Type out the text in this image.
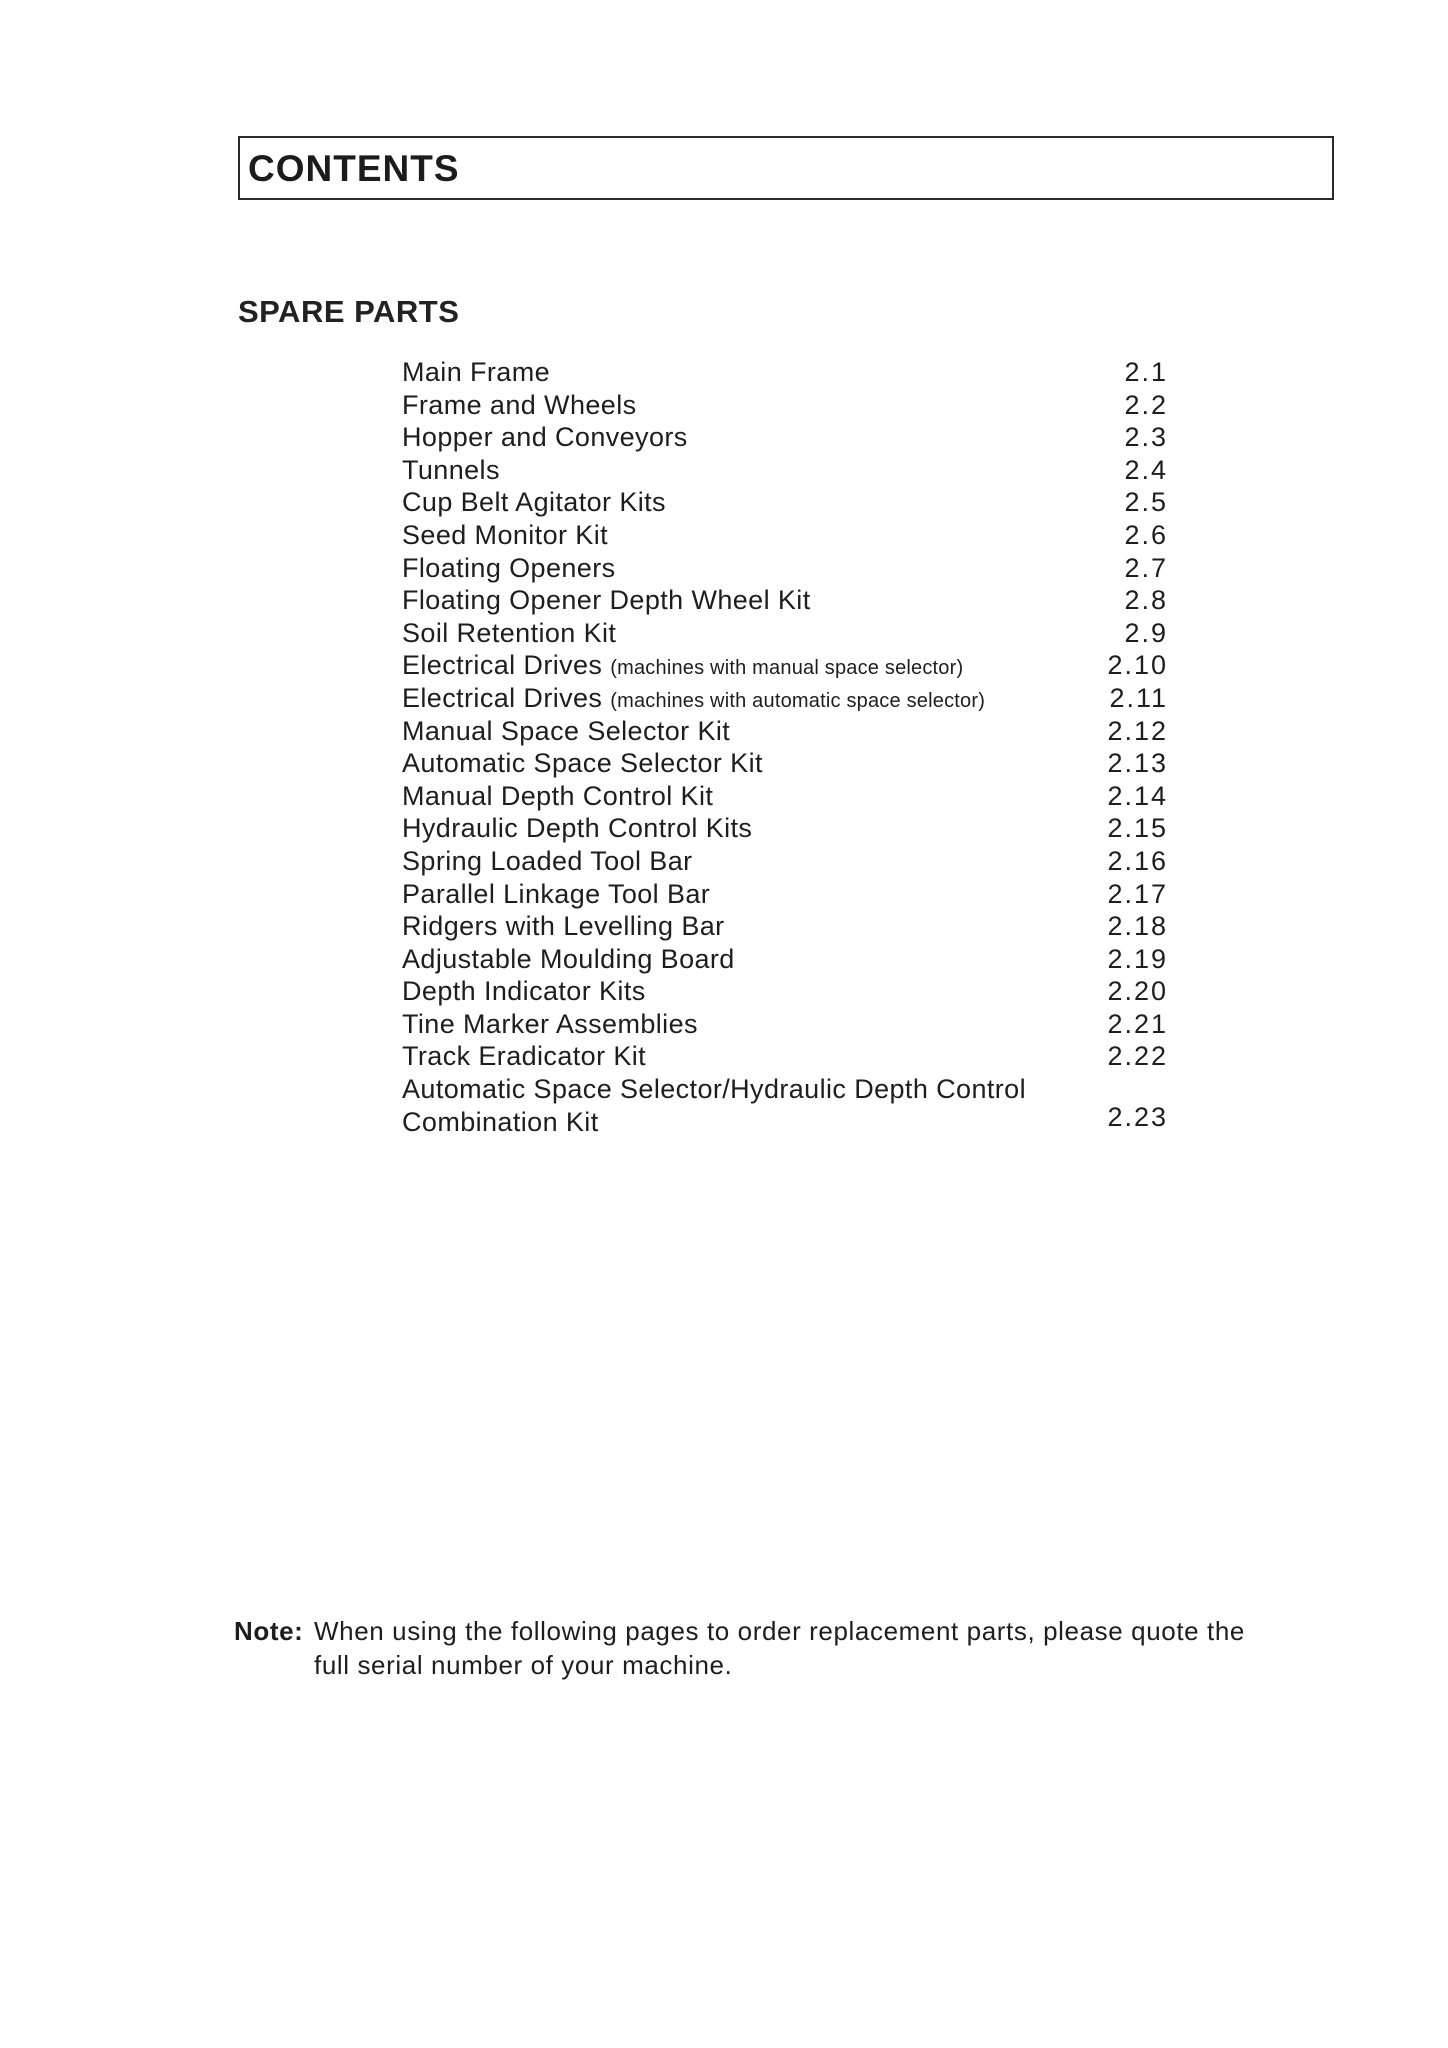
CONTENTS
SPARE PARTS
Main Frame	2.1
Frame and Wheels	2.2
Hopper and Conveyors	2.3
Tunnels	2.4
Cup Belt Agitator Kits	2.5
Seed Monitor Kit	2.6
Floating Openers	2.7
Floating Opener Depth Wheel Kit	2.8
Soil Retention Kit	2.9
Electrical Drives (machines with manual space selector)	2.10
Electrical Drives (machines with automatic space selector)	2.11
Manual Space Selector Kit	2.12
Automatic Space Selector Kit	2.13
Manual Depth Control Kit	2.14
Hydraulic Depth Control Kits	2.15
Spring Loaded Tool Bar	2.16
Parallel Linkage Tool Bar	2.17
Ridgers with Levelling Bar	2.18
Adjustable Moulding Board	2.19
Depth Indicator Kits	2.20
Tine Marker Assemblies	2.21
Track Eradicator Kit	2.22
Automatic Space Selector/Hydraulic Depth Control Combination Kit	2.23
Note: When using the following pages to order replacement parts, please quote the
full serial number of your machine.
